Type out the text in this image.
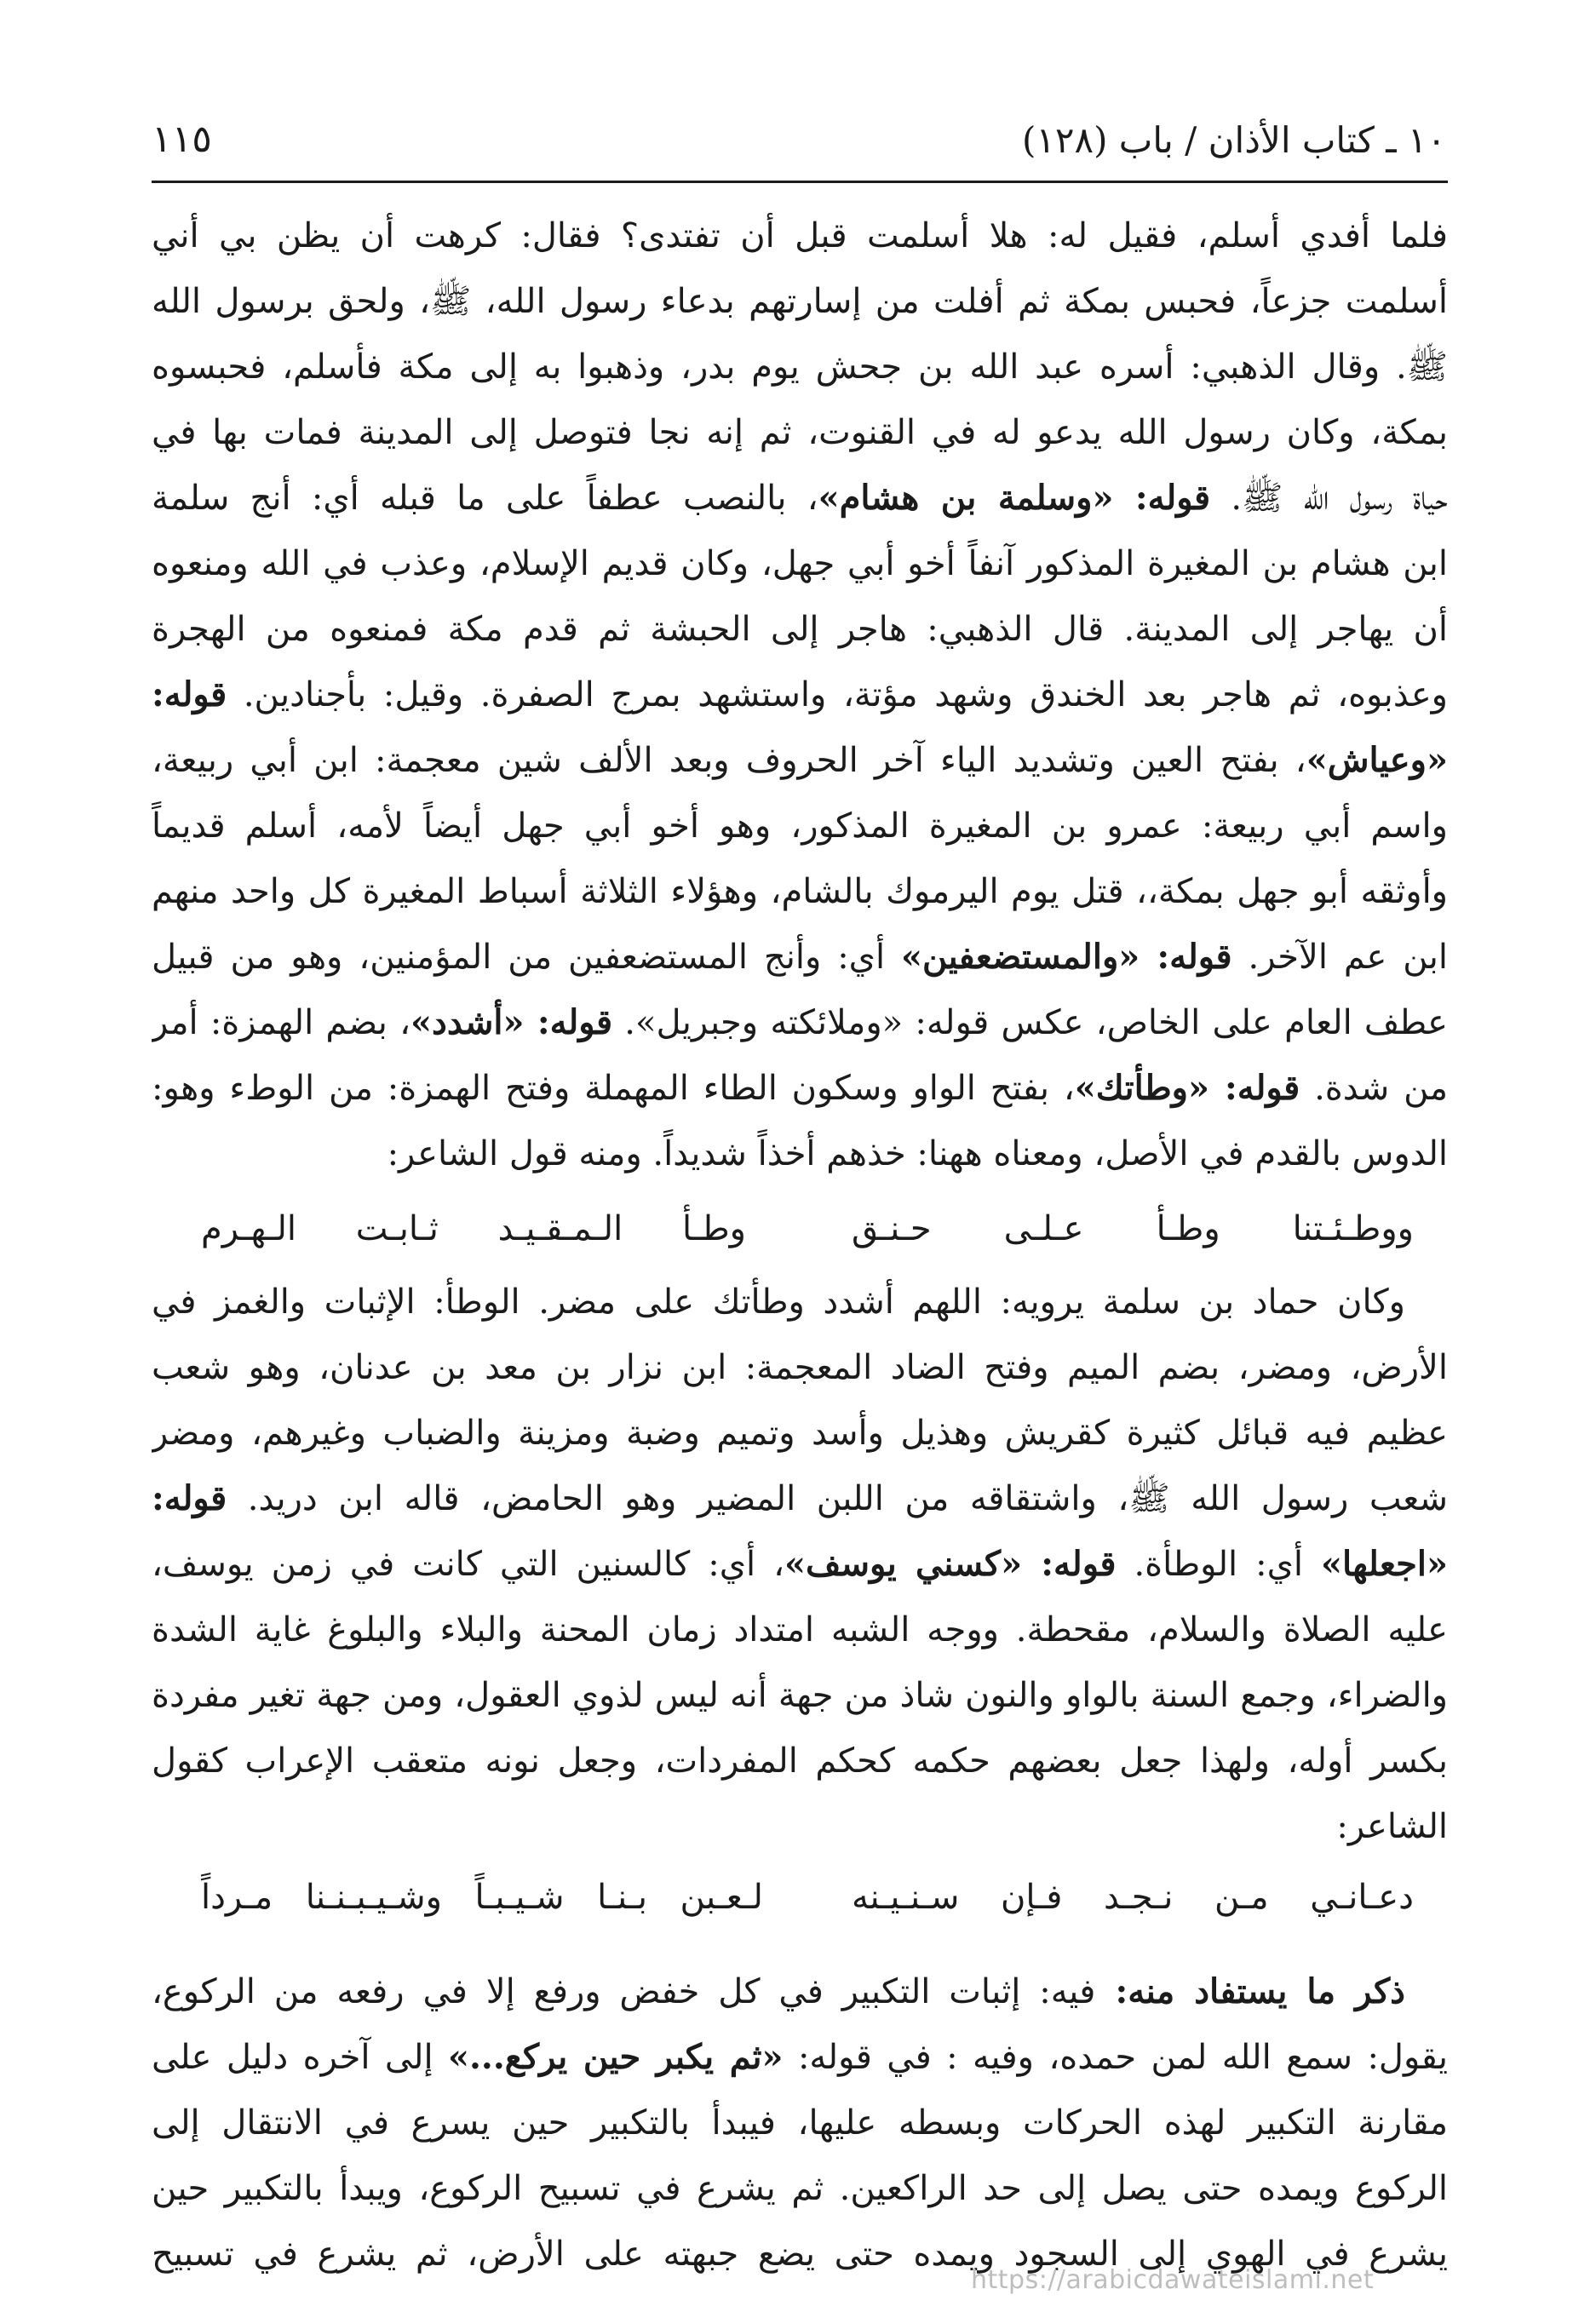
١٠ ـ كتاب الأذان / باب (١٢٨)
١١٥
فلما أفدي أسلم، فقيل له: هلا أسلمت قبل أن تفتدى؟ فقال: كرهت أن يظن بي أني
أسلمت جزعاً، فحبس بمكة ثم أفلت من إسارتهم بدعاء رسول الله، ﷺ، ولحق برسول الله
ﷺ. وقال الذهبي: أسره عبد الله بن جحش يوم بدر، وذهبوا به إلى مكة فأسلم، فحبسوه
بمكة، وكان رسول الله يدعو له في القنوت، ثم إنه نجا فتوصل إلى المدينة فمات بها في
حياة رسول الله ﷺ. قوله: «وسلمة بن هشام»، بالنصب عطفاً على ما قبله أي: أنج سلمة
ابن هشام بن المغيرة المذكور آنفاً أخو أبي جهل، وكان قديم الإسلام، وعذب في الله ومنعوه
أن يهاجر إلى المدينة. قال الذهبي: هاجر إلى الحبشة ثم قدم مكة فمنعوه من الهجرة
وعذبوه، ثم هاجر بعد الخندق وشهد مؤتة، واستشهد بمرج الصفرة. وقيل: بأجنادين. قوله:
«وعياش»، بفتح العين وتشديد الياء آخر الحروف وبعد الألف شين معجمة: ابن أبي ربيعة،
واسم أبي ربيعة: عمرو بن المغيرة المذكور، وهو أخو أبي جهل أيضاً لأمه، أسلم قديماً
وأوثقه أبو جهل بمكة،، قتل يوم اليرموك بالشام، وهؤلاء الثلاثة أسباط المغيرة كل واحد منهم
ابن عم الآخر. قوله: «والمستضعفين» أي: وأنج المستضعفين من المؤمنين، وهو من قبيل
عطف العام على الخاص، عكس قوله: «وملائكته وجبريل». قوله: «أشدد»، بضم الهمزة: أمر
من شدة. قوله: «وطأتك»، بفتح الواو وسكون الطاء المهملة وفتح الهمزة: من الوطء وهو:
الدوس بالقدم في الأصل، ومعناه ههنا: خذهم أخذاً شديداً. ومنه قول الشاعر:
ووطـئـتنا وطـأ عـلـى حـنـق
وطـأ الـمـقـيـد ثـابـت الـهـرم
وكان حماد بن سلمة يرويه: اللهم أشدد وطأتك على مضر. الوطأ: الإثبات والغمز في
الأرض، ومضر، بضم الميم وفتح الضاد المعجمة: ابن نزار بن معد بن عدنان، وهو شعب
عظيم فيه قبائل كثيرة كقريش وهذيل وأسد وتميم وضبة ومزينة والضباب وغيرهم، ومضر
شعب رسول الله ﷺ، واشتقاقه من اللبن المضير وهو الحامض، قاله ابن دريد. قوله:
«اجعلها» أي: الوطأة. قوله: «كسني يوسف»، أي: كالسنين التي كانت في زمن يوسف،
عليه الصلاة والسلام، مقحطة. ووجه الشبه امتداد زمان المحنة والبلاء والبلوغ غاية الشدة
والضراء، وجمع السنة بالواو والنون شاذ من جهة أنه ليس لذوي العقول، ومن جهة تغير مفردة
بكسر أوله، ولهذا جعل بعضهم حكمه كحكم المفردات، وجعل نونه متعقب الإعراب كقول
الشاعر:
دعـانـي مـن نـجـد فـإن سـنـيـنه
لـعـبن بـنـا شـيـبـاً وشـيـبـنـنا مـرداً
ذكر ما يستفاد منه: فيه: إثبات التكبير في كل خفض ورفع إلا في رفعه من الركوع،
يقول: سمع الله لمن حمده، وفيه : في قوله: «ثم يكبر حين يركع...» إلى آخره دليل على
مقارنة التكبير لهذه الحركات وبسطه عليها، فيبدأ بالتكبير حين يسرع في الانتقال إلى
الركوع ويمده حتى يصل إلى حد الراكعين. ثم يشرع في تسبيح الركوع، ويبدأ بالتكبير حين
يشرع في الهوي إلى السجود ويمده حتى يضع جبهته على الأرض، ثم يشرع في تسبيح
https://arabicdawateislami.net
